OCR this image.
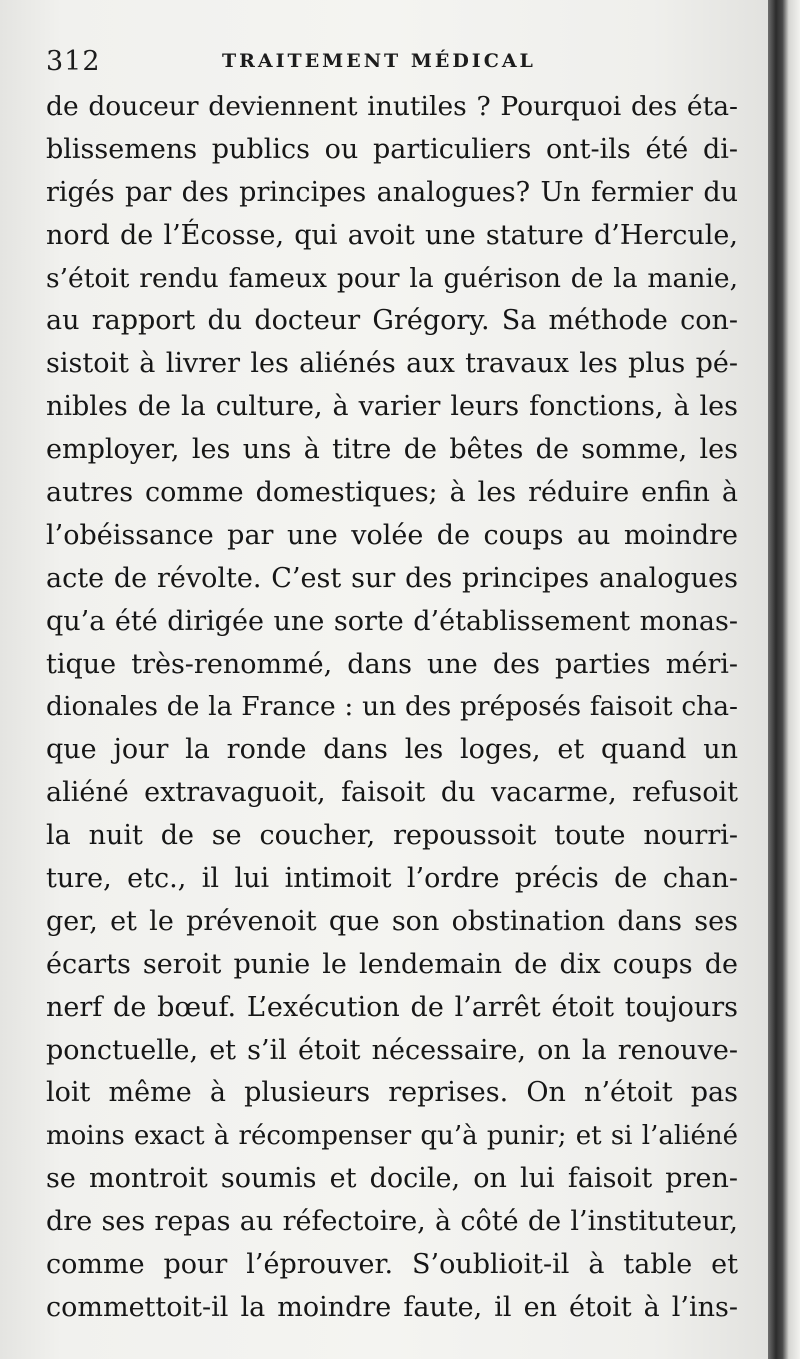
312	TRAITEMENT MÉDICAL
de douceur deviennent inutiles ? Pourquoi des éta-
blissemens publics ou particuliers ont-ils été di-
rigés par des principes analogues? Un fermier du
nord de l’Écosse, qui avoit une stature d’Hercule,
s’étoit rendu fameux pour la guérison de la manie,
au rapport du docteur Grégory. Sa méthode con-
sistoit à livrer les aliénés aux travaux les plus pé-
nibles de la culture, à varier leurs fonctions, à les
employer, les uns à titre de bêtes de somme, les
autres comme domestiques; à les réduire enfin à
l’obéissance par une volée de coups au moindre
acte de révolte. C’est sur des principes analogues
qu’a été dirigée une sorte d’établissement monas-
tique très-renommé, dans une des parties méri-
dionales de la France : un des préposés faisoit cha-
que jour la ronde dans les loges, et quand un
aliéné extravaguoit, faisoit du vacarme, refusoit
la nuit de se coucher, repoussoit toute nourri-
ture, etc., il lui intimoit l’ordre précis de chan-
ger, et le prévenoit que son obstination dans ses
écarts seroit punie le lendemain de dix coups de
nerf de bœuf. L’exécution de l’arrêt étoit toujours
ponctuelle, et s’il étoit nécessaire, on la renouve-
loit même à plusieurs reprises. On n’étoit pas
moins exact à récompenser qu’à punir; et si l’aliéné
se montroit soumis et docile, on lui faisoit pren-
dre ses repas au réfectoire, à côté de l’instituteur,
comme pour l’éprouver. S’oublioit-il à table et
commettoit-il la moindre faute, il en étoit à l’ins-
